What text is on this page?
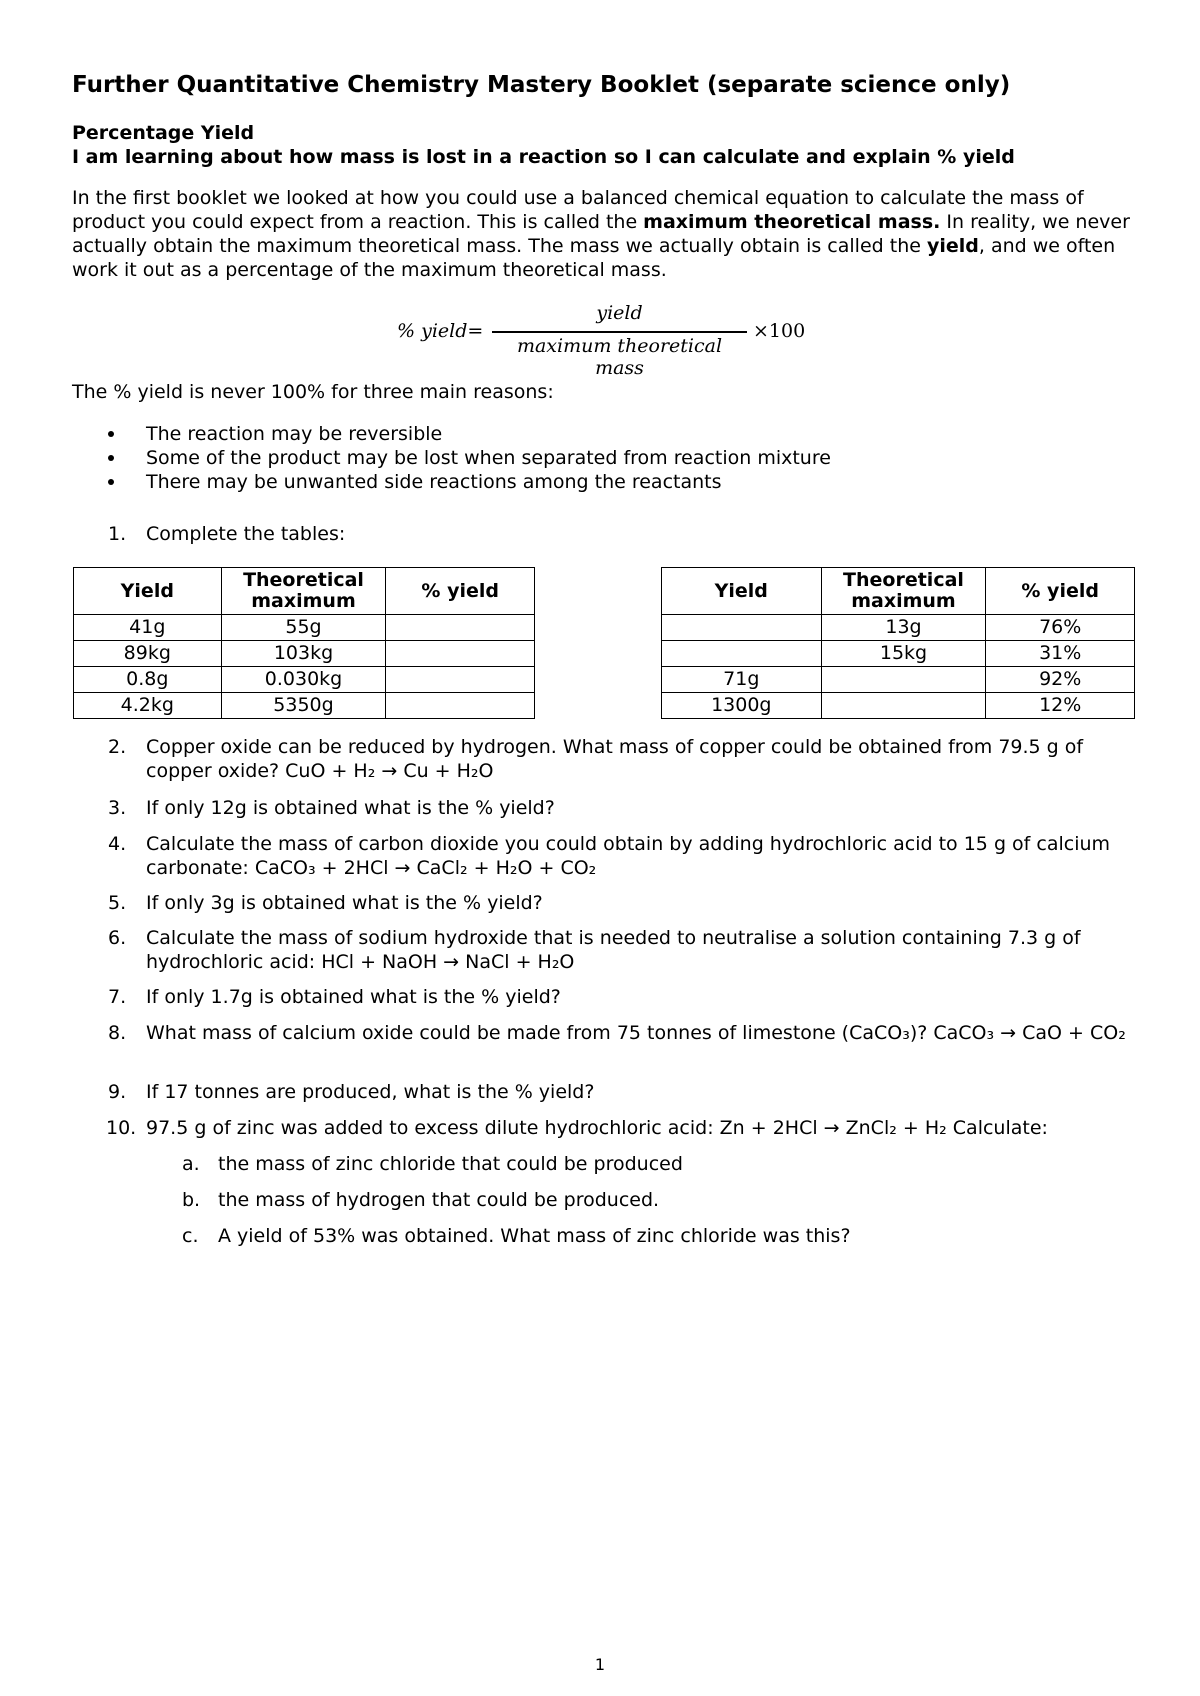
Further Quantitative Chemistry Mastery Booklet (separate science only)
Percentage Yield
I am learning about how mass is lost in a reaction so I can calculate and explain % yield
In the first booklet we looked at how you could use a balanced chemical equation to calculate the mass of product you could expect from a reaction. This is called the maximum theoretical mass. In reality, we never actually obtain the maximum theoretical mass. The mass we actually obtain is called the yield, and we often work it out as a percentage of the maximum theoretical mass.
% yield=
yield
maximum theoretical mass
×100
The % yield is never 100% for three main reasons:
The reaction may be reversible
Some of the product may be lost when separated from reaction mixture
There may be unwanted side reactions among the reactants
1.	Complete the tables:
Yield	Theoretical maximum	% yield
41g	55g	
89kg	103kg	
0.8g	0.030kg	
4.2kg	5350g	
Yield	Theoretical maximum	% yield
	13g	76%
	15kg	31%
71g		92%
1300g		12%
2.	Copper oxide can be reduced by hydrogen. What mass of copper could be obtained from 79.5 g of copper oxide? CuO + H₂ → Cu + H₂O
3.	If only 12g is obtained what is the % yield?
4.	Calculate the mass of carbon dioxide you could obtain by adding hydrochloric acid to 15 g of calcium carbonate: CaCO₃ + 2HCl → CaCl₂ + H₂O + CO₂
5.	If only 3g is obtained what is the % yield?
6.	Calculate the mass of sodium hydroxide that is needed to neutralise a solution containing 7.3 g of hydrochloric acid: HCl + NaOH → NaCl + H₂O
7.	If only 1.7g is obtained what is the % yield?
8.	What mass of calcium oxide could be made from 75 tonnes of limestone (CaCO₃)? CaCO₃ → CaO + CO₂
9.	If 17 tonnes are produced, what is the % yield?
10. 97.5 g of zinc was added to excess dilute hydrochloric acid: Zn + 2HCl → ZnCl₂ + H₂ Calculate:
a. the mass of zinc chloride that could be produced
b. the mass of hydrogen that could be produced.
c.	A yield of 53% was obtained. What mass of zinc chloride was this?
1
